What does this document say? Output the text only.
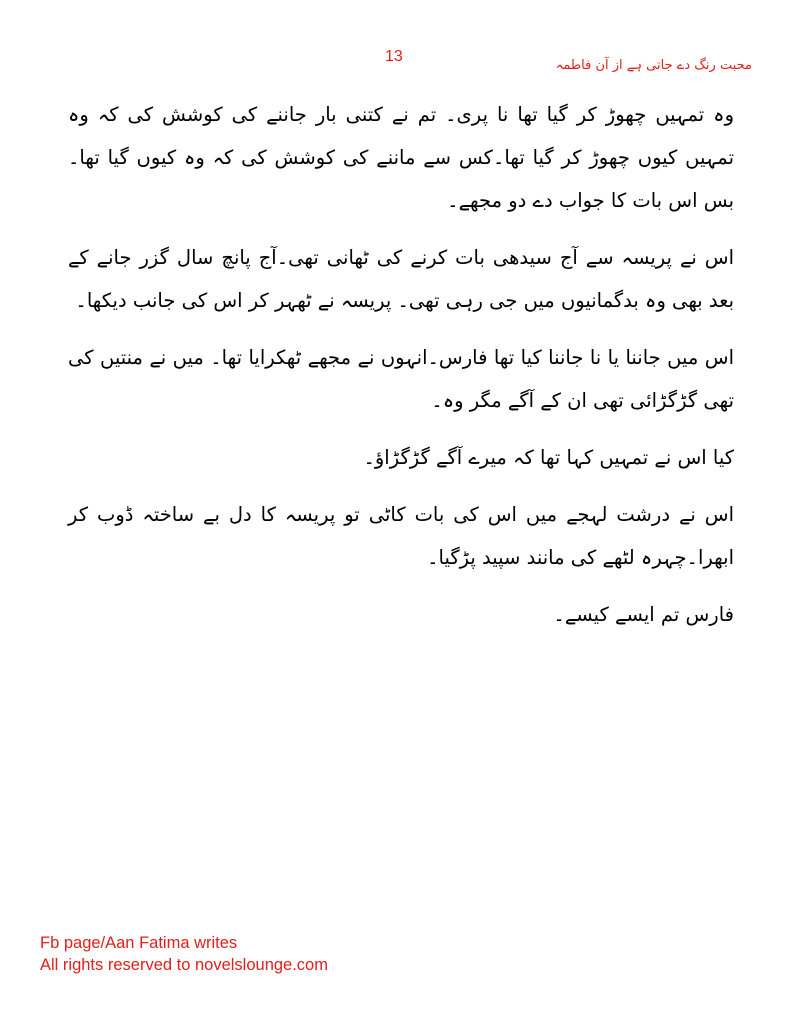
13
محبت رنگ دے جاتی ہے از آن فاطمہ

وہ تمہیں چھوڑ کر گیا تھا نا پری۔ تم نے کتنی بار جاننے کی کوشش کی کہ وہ تمہیں کیوں چھوڑ کر گیا تھا۔کس سے ماننے کی کوشش کی کہ وہ کیوں گیا تھا۔ بس اس بات کا جواب دے دو مجھے۔

اس نے پریسہ سے آج سیدھی بات کرنے کی ٹھانی تھی۔آج پانچ سال گزر جانے کے بعد بھی وہ بدگمانیوں میں جی رہی تھی۔ پریسہ نے ٹھہر کر اس کی جانب دیکھا۔

اس میں جاننا یا نا جاننا کیا تھا فارس۔انہوں نے مجھے ٹھکرایا تھا۔ میں نے منتیں کی تھی گڑگڑائی تھی ان کے آگے مگر وہ۔

کیا اس نے تمہیں کہا تھا کہ میرے آگے گڑگڑاؤ۔

اس نے درشت لہجے میں اس کی بات کاٹی تو پریسہ کا دل بے ساختہ ڈوب کر ابھرا۔چہرہ لٹھے کی مانند سپید پڑگیا۔

فارس تم ایسے کیسے۔

Fb page/Aan Fatima writes
All rights reserved to novelslounge.com
